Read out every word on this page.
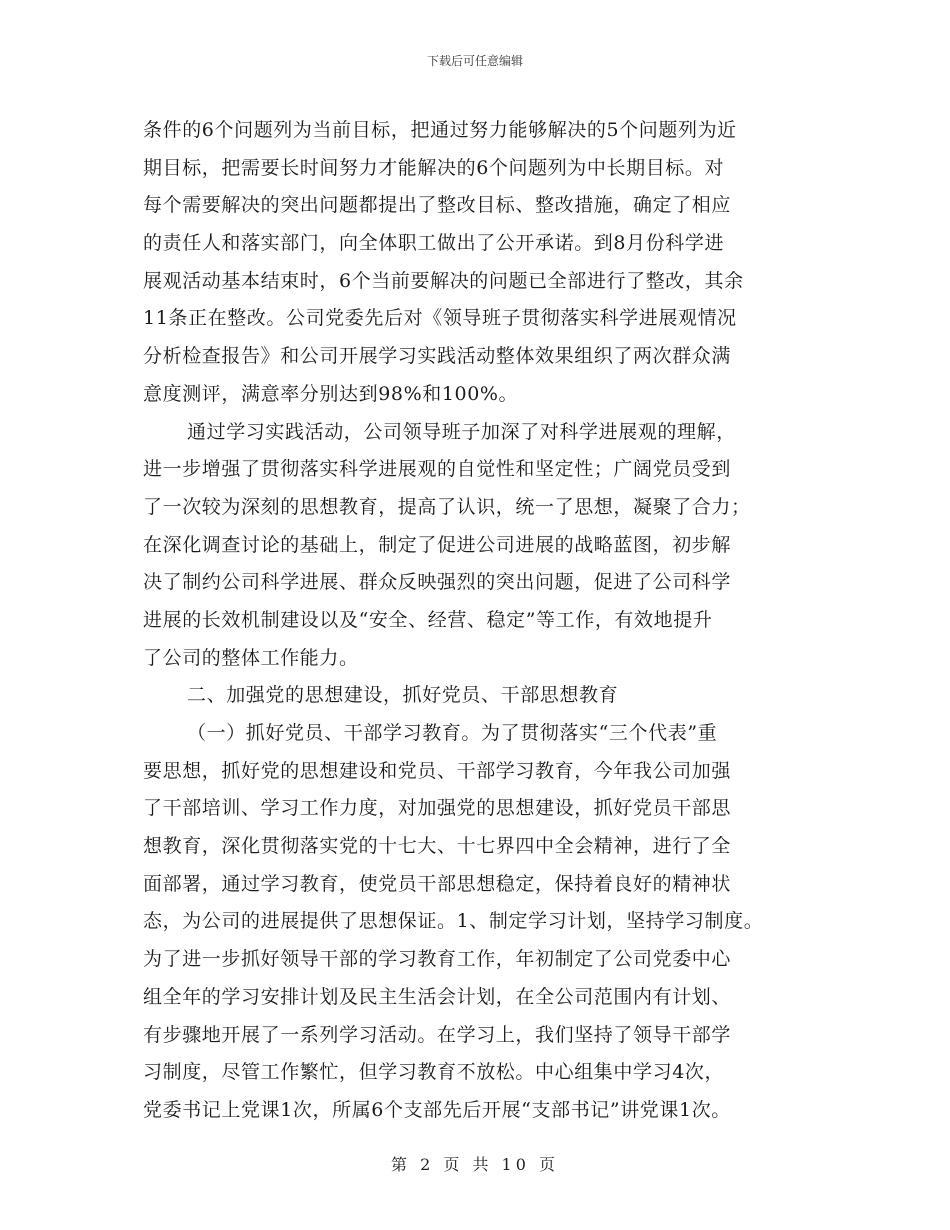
下载后可任意编辑
条件的6个问题列为当前目标，把通过努力能够解决的5个问题列为近
期目标，把需要长时间努力才能解决的6个问题列为中长期目标。对
每个需要解决的突出问题都提出了整改目标、整改措施，确定了相应
的责任人和落实部门，向全体职工做出了公开承诺。到8月份科学进
展观活动基本结束时，6个当前要解决的问题已全部进行了整改，其余
11条正在整改。公司党委先后对《领导班子贯彻落实科学进展观情况
分析检查报告》和公司开展学习实践活动整体效果组织了两次群众满
意度测评，满意率分别达到98%和100%。
通过学习实践活动，公司领导班子加深了对科学进展观的理解，
进一步增强了贯彻落实科学进展观的自觉性和坚定性；广阔党员受到
了一次较为深刻的思想教育，提高了认识，统一了思想，凝聚了合力；
在深化调查讨论的基础上，制定了促进公司进展的战略蓝图，初步解
决了制约公司科学进展、群众反映强烈的突出问题，促进了公司科学
进展的长效机制建设以及“安全、经营、稳定”等工作，有效地提升
了公司的整体工作能力。
二、加强党的思想建设，抓好党员、干部思想教育
（一）抓好党员、干部学习教育。为了贯彻落实“三个代表”重
要思想，抓好党的思想建设和党员、干部学习教育，今年我公司加强
了干部培训、学习工作力度，对加强党的思想建设，抓好党员干部思
想教育，深化贯彻落实党的十七大、十七界四中全会精神，进行了全
面部署，通过学习教育，使党员干部思想稳定，保持着良好的精神状
态，为公司的进展提供了思想保证。1、制定学习计划，坚持学习制度。
为了进一步抓好领导干部的学习教育工作，年初制定了公司党委中心
组全年的学习安排计划及民主生活会计划，在全公司范围内有计划、
有步骤地开展了一系列学习活动。在学习上，我们坚持了领导干部学
习制度，尽管工作繁忙，但学习教育不放松。中心组集中学习4次，
党委书记上党课1次，所属6个支部先后开展“支部书记”讲党课1次。
第 2 页 共 10 页
